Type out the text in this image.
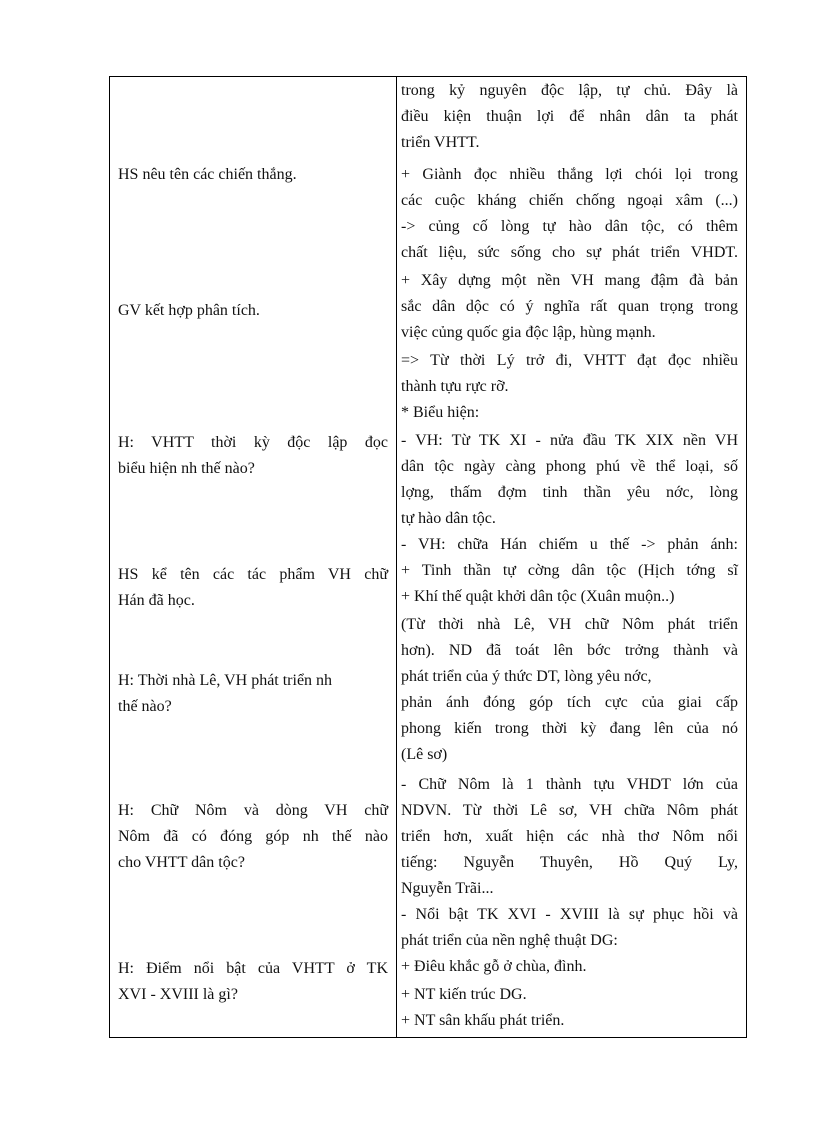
HS nêu tên các chiến thắng.
GV kết hợp phân tích.
H: VHTT thời kỳ độc lập đọc
biểu hiện nh thế nào?
HS kể tên các tác phẩm VH chữ
Hán đã học.
H: Thời nhà Lê, VH phát triển nh
thế nào?
H: Chữ Nôm và dòng VH chữ
Nôm đã có đóng góp nh thế nào
cho VHTT dân tộc?
H: Điểm nổi bật của VHTT ở TK
XVI - XVIII là gì?
trong kỷ nguyên độc lập, tự chủ. Đây là
điều kiện thuận lợi để nhân dân ta phát
triển VHTT.
+ Giành đọc nhiều thắng lợi chói lọi trong
các cuộc kháng chiến chống ngoại xâm (...)
-> củng cố lòng tự hào dân tộc, có thêm
chất liệu, sức sống cho sự phát triển VHDT.
+ Xây dựng một nền VH mang đậm đà bản
sắc dân dộc có ý nghĩa rất quan trọng trong
việc củng quốc gia độc lập, hùng mạnh.
=> Từ thời Lý trở đi, VHTT đạt đọc nhiều
thành tựu rực rỡ.
* Biểu hiện:
- VH: Từ TK XI - nửa đầu TK XIX nền VH
dân tộc ngày càng phong phú về thể loại, số
lợng, thấm đợm tinh thần yêu nớc, lòng
tự hào dân tộc.
- VH: chữa Hán chiếm u thế -> phản ánh:
+ Tinh thần tự cờng dân tộc (Hịch tớng sĩ
+ Khí thế quật khởi dân tộc (Xuân muộn..)
(Từ thời nhà Lê, VH chữ Nôm phát triển
hơn). ND đã toát lên bớc trởng thành và
phát triển của ý thức DT, lòng yêu nớc,
phản ánh đóng góp tích cực của giai cấp
phong kiến trong thời kỳ đang lên của nó
(Lê sơ)
- Chữ Nôm là 1 thành tựu VHDT lớn của
NDVN. Từ thời Lê sơ, VH chữa Nôm phát
triển hơn, xuất hiện các nhà thơ Nôm nổi
tiếng: Nguyễn Thuyên, Hồ Quý Ly,
Nguyễn Trãi...
- Nổi bật TK XVI - XVIII là sự phục hồi và
phát triển của nền nghệ thuật DG:
+ Điêu khắc gỗ ở chùa, đình.
+ NT kiến trúc DG.
+ NT sân khấu phát triển.
